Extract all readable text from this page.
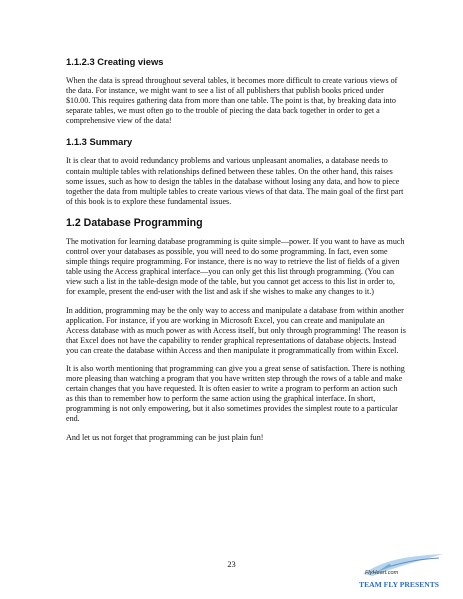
1.1.2.3 Creating views

When the data is spread throughout several tables, it becomes more difficult to create various views of the data. For instance, we might want to see a list of all publishers that publish books priced under $10.00. This requires gathering data from more than one table. The point is that, by breaking data into separate tables, we must often go to the trouble of piecing the data back together in order to get a comprehensive view of the data!

1.1.3 Summary

It is clear that to avoid redundancy problems and various unpleasant anomalies, a database needs to contain multiple tables with relationships defined between these tables. On the other hand, this raises some issues, such as how to design the tables in the database without losing any data, and how to piece together the data from multiple tables to create various views of that data. The main goal of the first part of this book is to explore these fundamental issues.

1.2 Database Programming

The motivation for learning database programming is quite simple—power. If you want to have as much control over your databases as possible, you will need to do some programming. In fact, even some simple things require programming. For instance, there is no way to retrieve the list of fields of a given table using the Access graphical interface—you can only get this list through programming. (You can view such a list in the table-design mode of the table, but you cannot get access to this list in order to, for example, present the end-user with the list and ask if she wishes to make any changes to it.)

In addition, programming may be the only way to access and manipulate a database from within another application. For instance, if you are working in Microsoft Excel, you can create and manipulate an Access database with as much power as with Access itself, but only through programming! The reason is that Excel does not have the capability to render graphical representations of database objects. Instead you can create the database within Access and then manipulate it programmatically from within Excel.

It is also worth mentioning that programming can give you a great sense of satisfaction. There is nothing more pleasing than watching a program that you have written step through the rows of a table and make certain changes that you have requested. It is often easier to write a program to perform an action such as this than to remember how to perform the same action using the graphical interface. In short, programming is not only empowering, but it also sometimes provides the simplest route to a particular end.

And let us not forget that programming can be just plain fun!

23
FlyHeart.com
TEAM FLY PRESENTS
